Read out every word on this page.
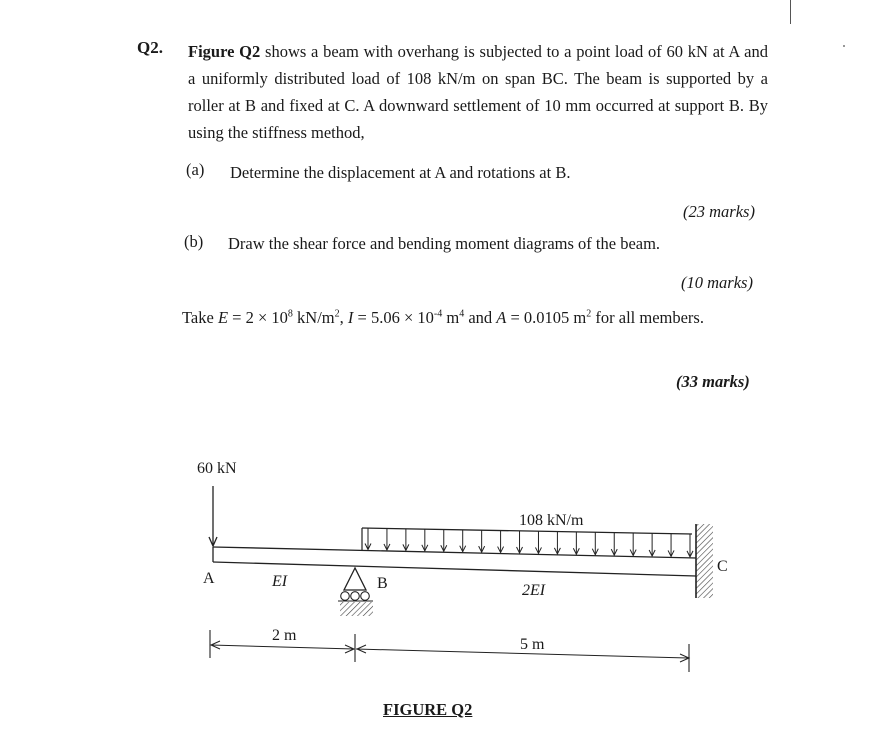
Q2. Figure Q2 shows a beam with overhang is subjected to a point load of 60 kN at A and a uniformly distributed load of 108 kN/m on span BC. The beam is supported by a roller at B and fixed at C. A downward settlement of 10 mm occurred at support B. By using the stiffness method,
(a) Determine the displacement at A and rotations at B.
(23 marks)
(b) Draw the shear force and bending moment diagrams of the beam.
(10 marks)
Take $E = 2 \times 10^8$ $kN/m^2$, $I = 5.06 \times 10^{-4}$ $m^4$ and A = 0.0105 $m^2$ for all members.
(33 marks)
60 kN
108 kN/m
A	EI	B	2EI
C
2 m
5 m
FIGURE Q2
